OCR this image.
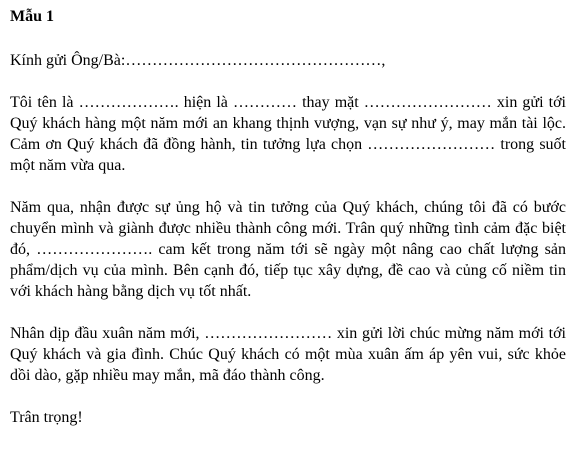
Mẫu 1
Kính gửi Ông/Bà:…………………………………………,
Tôi tên là ………………. hiện là ………… thay mặt …………………… xin gửi tới Quý khách hàng một năm mới an khang thịnh vượng, vạn sự như ý, may mắn tài lộc. Cảm ơn Quý khách đã đồng hành, tin tưởng lựa chọn …………………… trong suốt một năm vừa qua.
Năm qua, nhận được sự ủng hộ và tin tưởng của Quý khách, chúng tôi đã có bước chuyển mình và giành được nhiều thành công mới. Trân quý những tình cảm đặc biệt đó, …………………. cam kết trong năm tới sẽ ngày một nâng cao chất lượng sản phẩm/dịch vụ của mình. Bên cạnh đó, tiếp tục xây dựng, đề cao và củng cố niềm tin với khách hàng bằng dịch vụ tốt nhất.
Nhân dịp đầu xuân năm mới, …………………… xin gửi lời chúc mừng năm mới tới Quý khách và gia đình. Chúc Quý khách có một mùa xuân ấm áp yên vui, sức khỏe dồi dào, gặp nhiều may mắn, mã đáo thành công.
Trân trọng!
